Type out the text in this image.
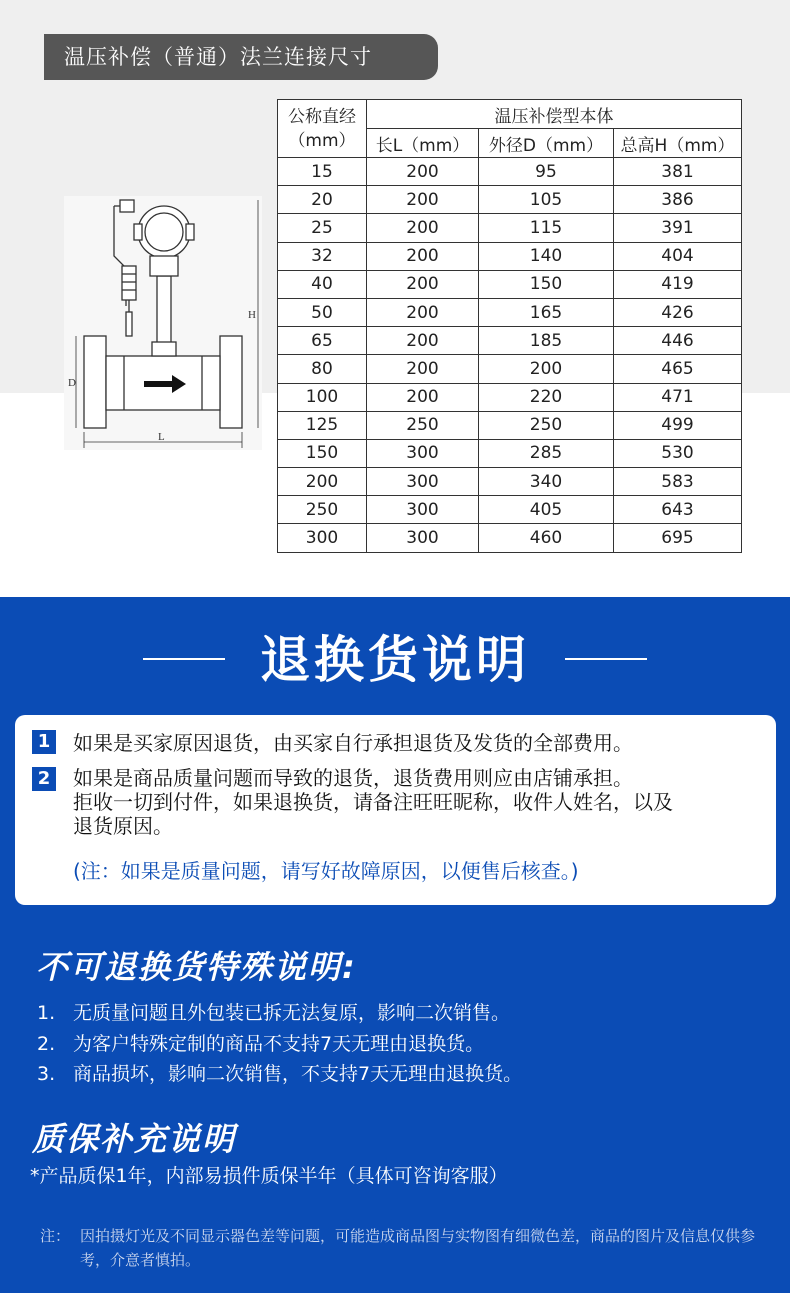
温压补偿（普通）法兰连接尺寸
D
L
H
公称直经
（mm）	温压补偿型本体		
	长L（mm）	外径D（mm）	总高H（mm）
15	200	95	381
20	200	105	386
25	200	115	391
32	200	140	404
40	200	150	419
50	200	165	426
65	200	185	446
80	200	200	465
100	200	220	471
125	250	250	499
150	300	285	530
200	300	340	583
250	300	405	643
300	300	460	695
退换货说明
1 如果是买家原因退货，由买家自行承担退货及发货的全部费用。
2 如果是商品质量问题而导致的退货，退货费用则应由店铺承担。
拒收一切到付件，如果退换货，请备注旺旺昵称，收件人姓名，以及
退货原因。
(注：如果是质量问题，请写好故障原因，以便售后核查。)
不可退换货特殊说明:
1. 无质量问题且外包装已拆无法复原，影响二次销售。
2. 为客户特殊定制的商品不支持7天无理由退换货。
3. 商品损坏，影响二次销售，不支持7天无理由退换货。
质保补充说明
*产品质保1年，内部易损件质保半年（具体可咨询客服）
注： 因拍摄灯光及不同显示器色差等问题，可能造成商品图与实物图有细微色差，商品的图片及信息仅供参考，介意者慎拍。
